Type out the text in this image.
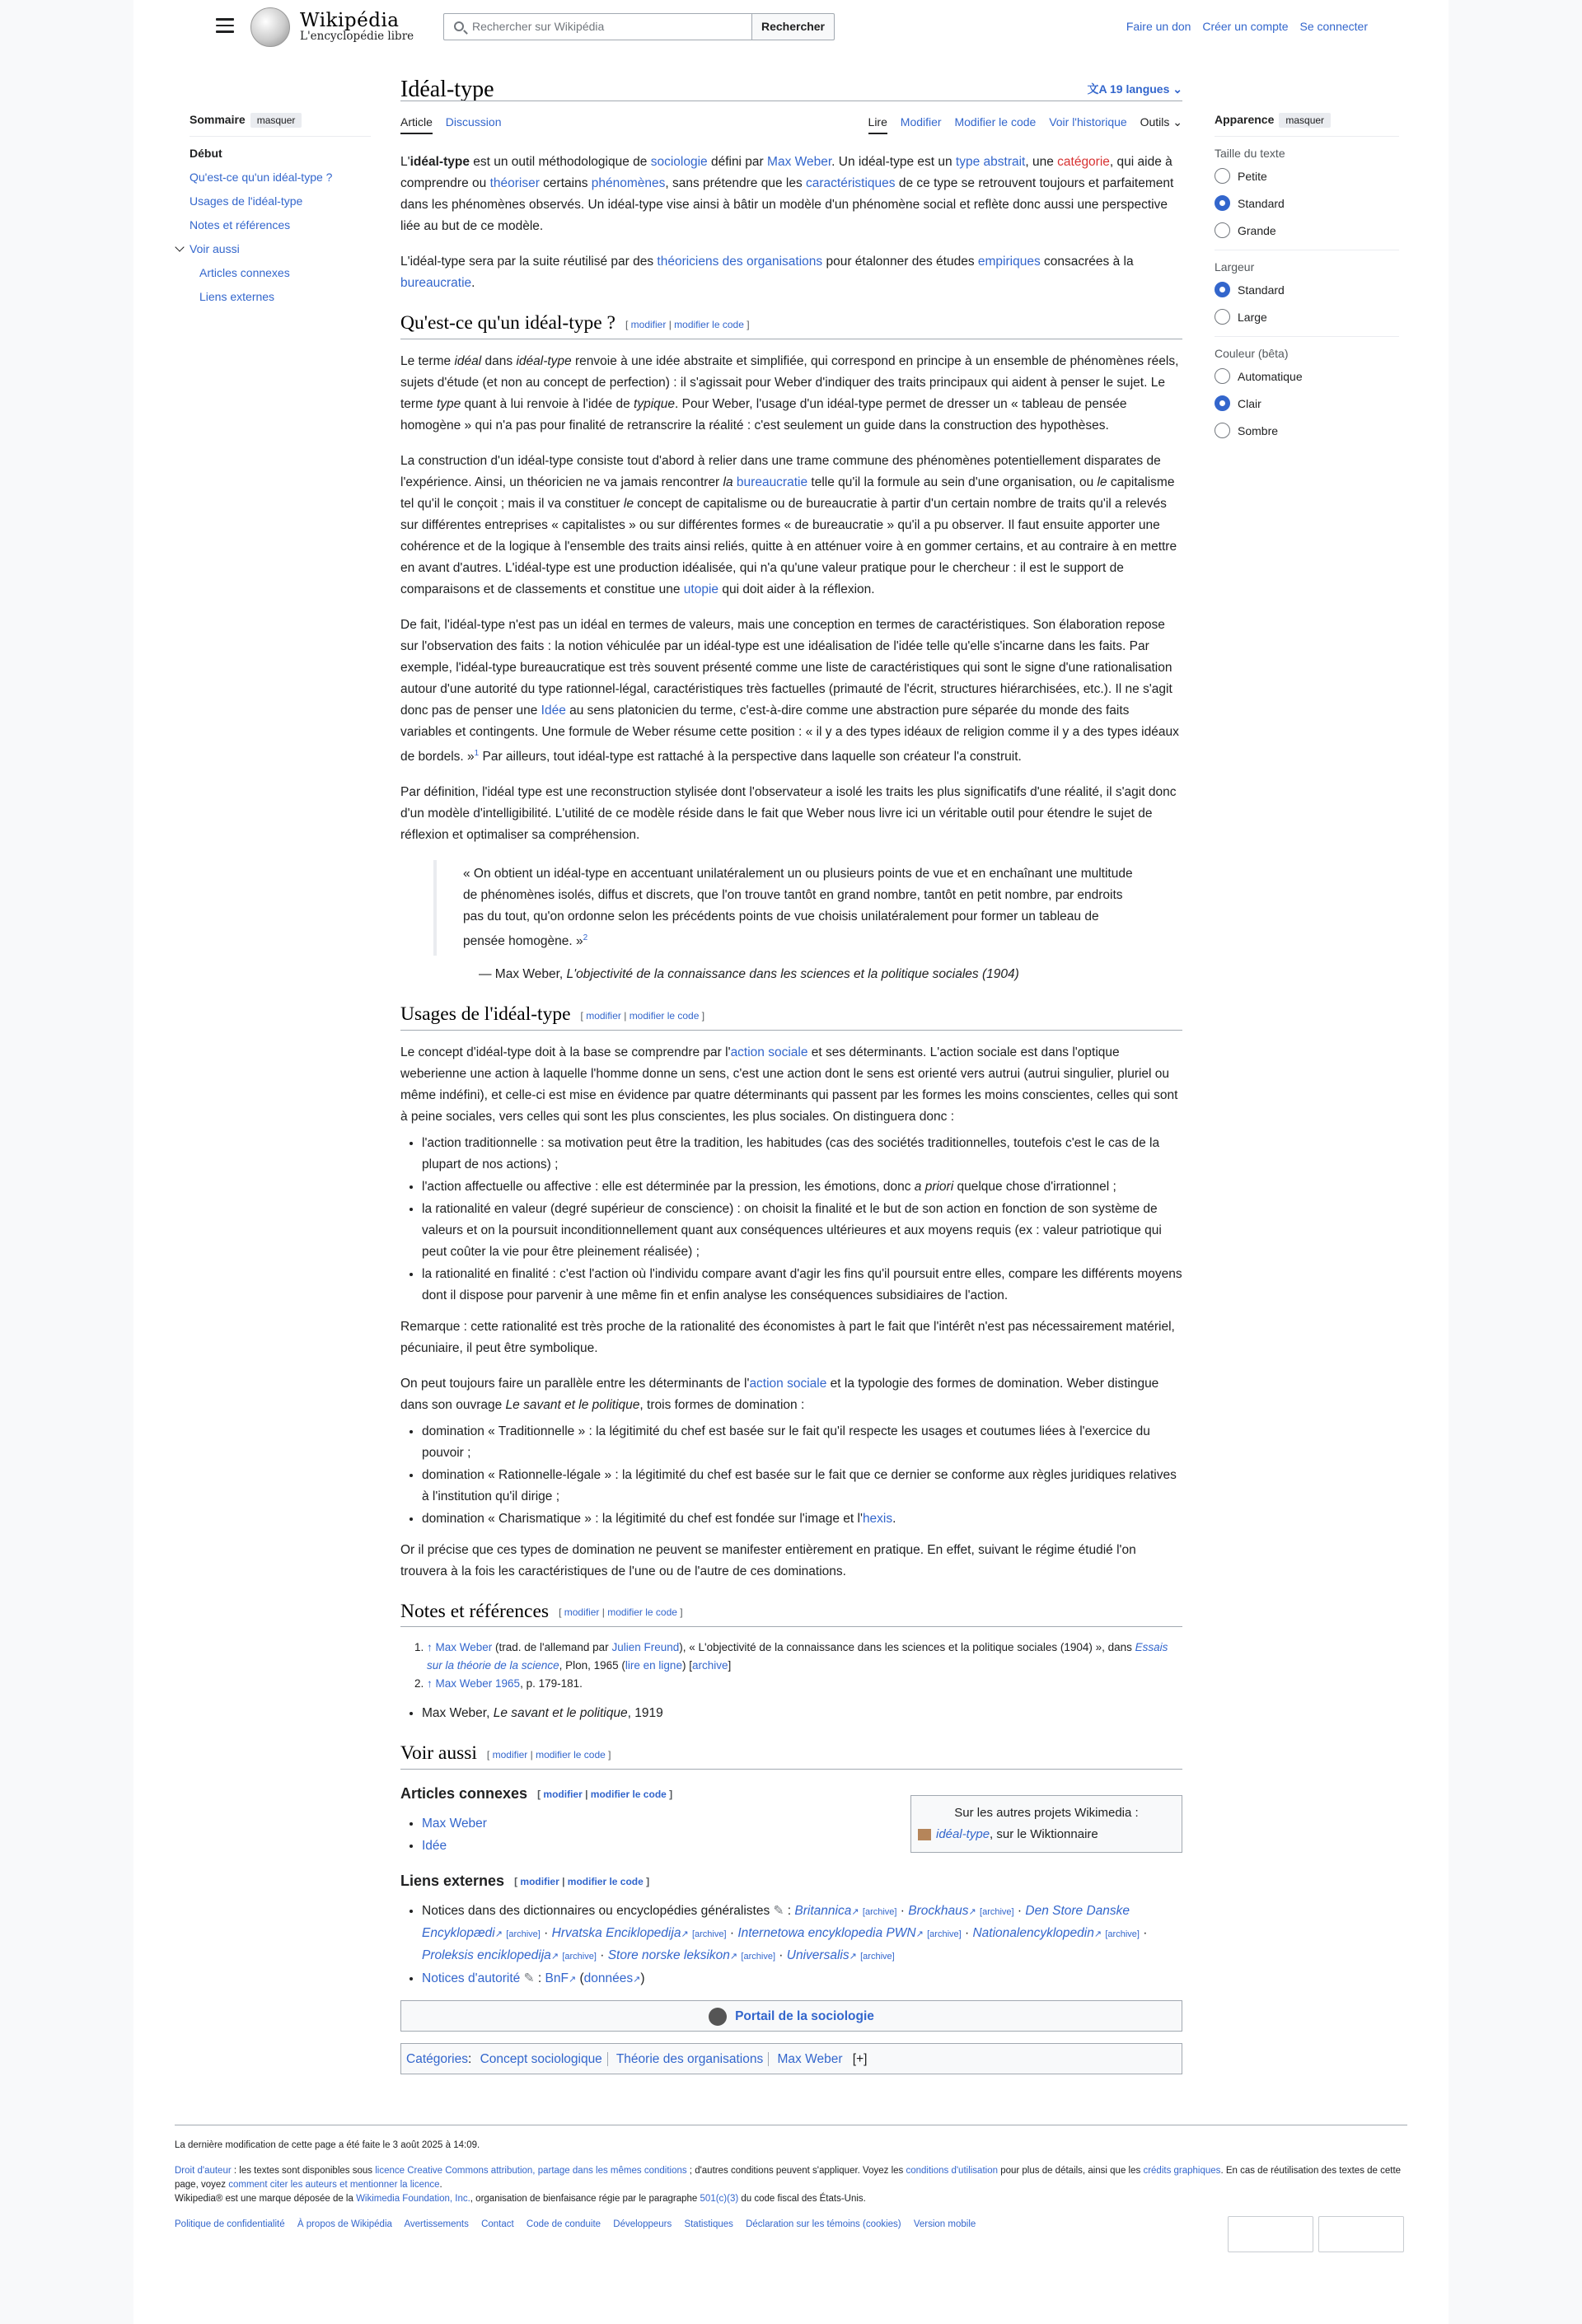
Wikipédia
L'encyclopédie libre
Rechercher sur Wikipédia	Rechercher	Faire un don Créer un compte Se connecter
Sommaire masquer
Début
Qu'est-ce qu'un idéal-type ?
Usages de l'idéal-type
Notes et références
Voir aussi
Articles connexes
Liens externes
Idéal-type	文A 19 langues ⌄
Article Discussion	Lire Modifier Modifier le code Voir l'historique Outils ⌄

L'idéal-type est un outil méthodologique de sociologie défini par Max Weber. Un idéal-type est un type abstrait, une catégorie, qui aide à comprendre ou théoriser certains phénomènes, sans prétendre que les caractéristiques de ce type se retrouvent toujours et parfaitement dans les phénomènes observés. Un idéal-type vise ainsi à bâtir un modèle d'un phénomène social et reflète donc aussi une perspective liée au but de ce modèle.

L'idéal-type sera par la suite réutilisé par des théoriciens des organisations pour étalonner des études empiriques consacrées à la bureaucratie.

Qu'est-ce qu'un idéal-type ? [ modifier | modifier le code ]

Le terme idéal dans idéal-type renvoie à une idée abstraite et simplifiée, qui correspond en principe à un ensemble de phénomènes réels, sujets d'étude (et non au concept de perfection) : il s'agissait pour Weber d'indiquer des traits principaux qui aident à penser le sujet. Le terme type quant à lui renvoie à l'idée de typique. Pour Weber, l'usage d'un idéal-type permet de dresser un « tableau de pensée homogène » qui n'a pas pour finalité de retranscrire la réalité : c'est seulement un guide dans la construction des hypothèses.

La construction d'un idéal-type consiste tout d'abord à relier dans une trame commune des phénomènes potentiellement disparates de l'expérience. Ainsi, un théoricien ne va jamais rencontrer la bureaucratie telle qu'il la formule au sein d'une organisation, ou le capitalisme tel qu'il le conçoit ; mais il va constituer le concept de capitalisme ou de bureaucratie à partir d'un certain nombre de traits qu'il a relevés sur différentes entreprises « capitalistes » ou sur différentes formes « de bureaucratie » qu'il a pu observer. Il faut ensuite apporter une cohérence et de la logique à l'ensemble des traits ainsi reliés, quitte à en atténuer voire à en gommer certains, et au contraire à en mettre en avant d'autres. L'idéal-type est une production idéalisée, qui n'a qu'une valeur pratique pour le chercheur : il est le support de comparaisons et de classements et constitue une utopie qui doit aider à la réflexion.

De fait, l'idéal-type n'est pas un idéal en termes de valeurs, mais une conception en termes de caractéristiques. Son élaboration repose sur l'observation des faits : la notion véhiculée par un idéal-type est une idéalisation de l'idée telle qu'elle s'incarne dans les faits. Par exemple, l'idéal-type bureaucratique est très souvent présenté comme une liste de caractéristiques qui sont le signe d'une rationalisation autour d'une autorité du type rationnel-légal, caractéristiques très factuelles (primauté de l'écrit, structures hiérarchisées, etc.). Il ne s'agit donc pas de penser une Idée au sens platonicien du terme, c'est-à-dire comme une abstraction pure séparée du monde des faits variables et contingents. Une formule de Weber résume cette position : « il y a des types idéaux de religion comme il y a des types idéaux de bordels. »$^1$ Par ailleurs, tout idéal-type est rattaché à la perspective dans laquelle son créateur l'a construit.

Par définition, l'idéal type est une reconstruction stylisée dont l'observateur a isolé les traits les plus significatifs d'une réalité, il s'agit donc d'un modèle d'intelligibilité. L'utilité de ce modèle réside dans le fait que Weber nous livre ici un véritable outil pour étendre le sujet de réflexion et optimaliser sa compréhension.

« On obtient un idéal-type en accentuant unilatéralement un ou plusieurs points de vue et en enchaînant une multitude de phénomènes isolés, diffus et discrets, que l'on trouve tantôt en grand nombre, tantôt en petit nombre, par endroits pas du tout, qu'on ordonne selon les précédents points de vue choisis unilatéralement pour former un tableau de pensée homogène. »$^2$
— Max Weber, L'objectivité de la connaissance dans les sciences et la politique sociales (1904)
Usages de l'idéal-type [ modifier | modifier le code ]

Le concept d'idéal-type doit à la base se comprendre par l'action sociale et ses déterminants. L'action sociale est dans l'optique weberienne une action à laquelle l'homme donne un sens, c'est une action dont le sens est orienté vers autrui (autrui singulier, pluriel ou même indéfini), et celle-ci est mise en évidence par quatre déterminants qui passent par les formes les moins conscientes, celles qui sont à peine sociales, vers celles qui sont les plus conscientes, les plus sociales. On distinguera donc :

• l'action traditionnelle : sa motivation peut être la tradition, les habitudes (cas des sociétés traditionnelles, toutefois c'est le cas de la plupart de nos actions) ;
• l'action affectuelle ou affective : elle est déterminée par la pression, les émotions, donc a priori quelque chose d'irrationnel ;
• la rationalité en valeur (degré supérieur de conscience) : on choisit la finalité et le but de son action en fonction de son système de valeurs et on la poursuit inconditionnellement quant aux conséquences ultérieures et aux moyens requis (ex : valeur patriotique qui peut coûter la vie pour être pleinement réalisée) ;
• la rationalité en finalité : c'est l'action où l'individu compare avant d'agir les fins qu'il poursuit entre elles, compare les différents moyens dont il dispose pour parvenir à une même fin et enfin analyse les conséquences subsidiaires de l'action.

Remarque : cette rationalité est très proche de la rationalité des économistes à part le fait que l'intérêt n'est pas nécessairement matériel, pécuniaire, il peut être symbolique.

On peut toujours faire un parallèle entre les déterminants de l'action sociale et la typologie des formes de domination. Weber distingue dans son ouvrage Le savant et le politique, trois formes de domination :

• domination « Traditionnelle » : la légitimité du chef est basée sur le fait qu'il respecte les usages et coutumes liées à l'exercice du pouvoir ;
• domination « Rationnelle-légale » : la légitimité du chef est basée sur le fait que ce dernier se conforme aux règles juridiques relatives à l'institution qu'il dirige ;
• domination « Charismatique » : la légitimité du chef est fondée sur l'image et l'hexis.

Or il précise que ces types de domination ne peuvent se manifester entièrement en pratique. En effet, suivant le régime étudié l'on trouvera à la fois les caractéristiques de l'une ou de l'autre de ces dominations.

Notes et références [ modifier | modifier le code ]
1. ↑ Max Weber (trad. de l'allemand par Julien Freund), « L'objectivité de la connaissance dans les sciences et la politique sociales (1904) », dans Essais sur la théorie de la science, Plon, 1965 (lire en ligne) [archive]
2. ↑ Max Weber 1965, p. 179-181.
• Max Weber, Le savant et le politique, 1919
Voir aussi [ modifier | modifier le code ]
Articles connexes [ modifier | modifier le code ]
Sur les autres projets Wikimedia :
idéal-type, sur le Wiktionnaire
• Max Weber
• Idée
Liens externes [ modifier | modifier le code ]
• Notices dans des dictionnaires ou encyclopédies généralistes ✎ : Britannica↗ [archive] · Brockhaus↗ [archive] · Den Store Danske Encyklopædi↗ [archive] · Hrvatska Enciklopedija↗ [archive] · Internetowa encyklopedia PWN↗ [archive] · Nationalencyklopedin↗ [archive] · Proleksis enciklopedija↗ [archive] · Store norske leksikon↗ [archive] · Universalis↗ [archive]
• Notices d'autorité ✎ : BnF↗ (données↗)
Portail de la sociologie
Catégories: Concept sociologique Théorie des organisations Max Weber [+]
Apparence masquer
Taille du texte
Petite
Standard
Grande
Largeur
Standard
Large
Couleur (bêta)
Automatique
Clair
Sombre

La dernière modification de cette page a été faite le 3 août 2025 à 14:09.

Droit d'auteur : les textes sont disponibles sous licence Creative Commons attribution, partage dans les mêmes conditions ; d'autres conditions peuvent s'appliquer. Voyez les conditions d'utilisation pour plus de détails, ainsi que les crédits graphiques. En cas de réutilisation des textes de cette page, voyez comment citer les auteurs et mentionner la licence.
Wikipedia® est une marque déposée de la Wikimedia Foundation, Inc., organisation de bienfaisance régie par le paragraphe 501(c)(3) du code fiscal des États-Unis.

Politique de confidentialité À propos de Wikipédia Avertissements Contact Code de conduite Développeurs Statistiques Déclaration sur les témoins (cookies) Version mobile
